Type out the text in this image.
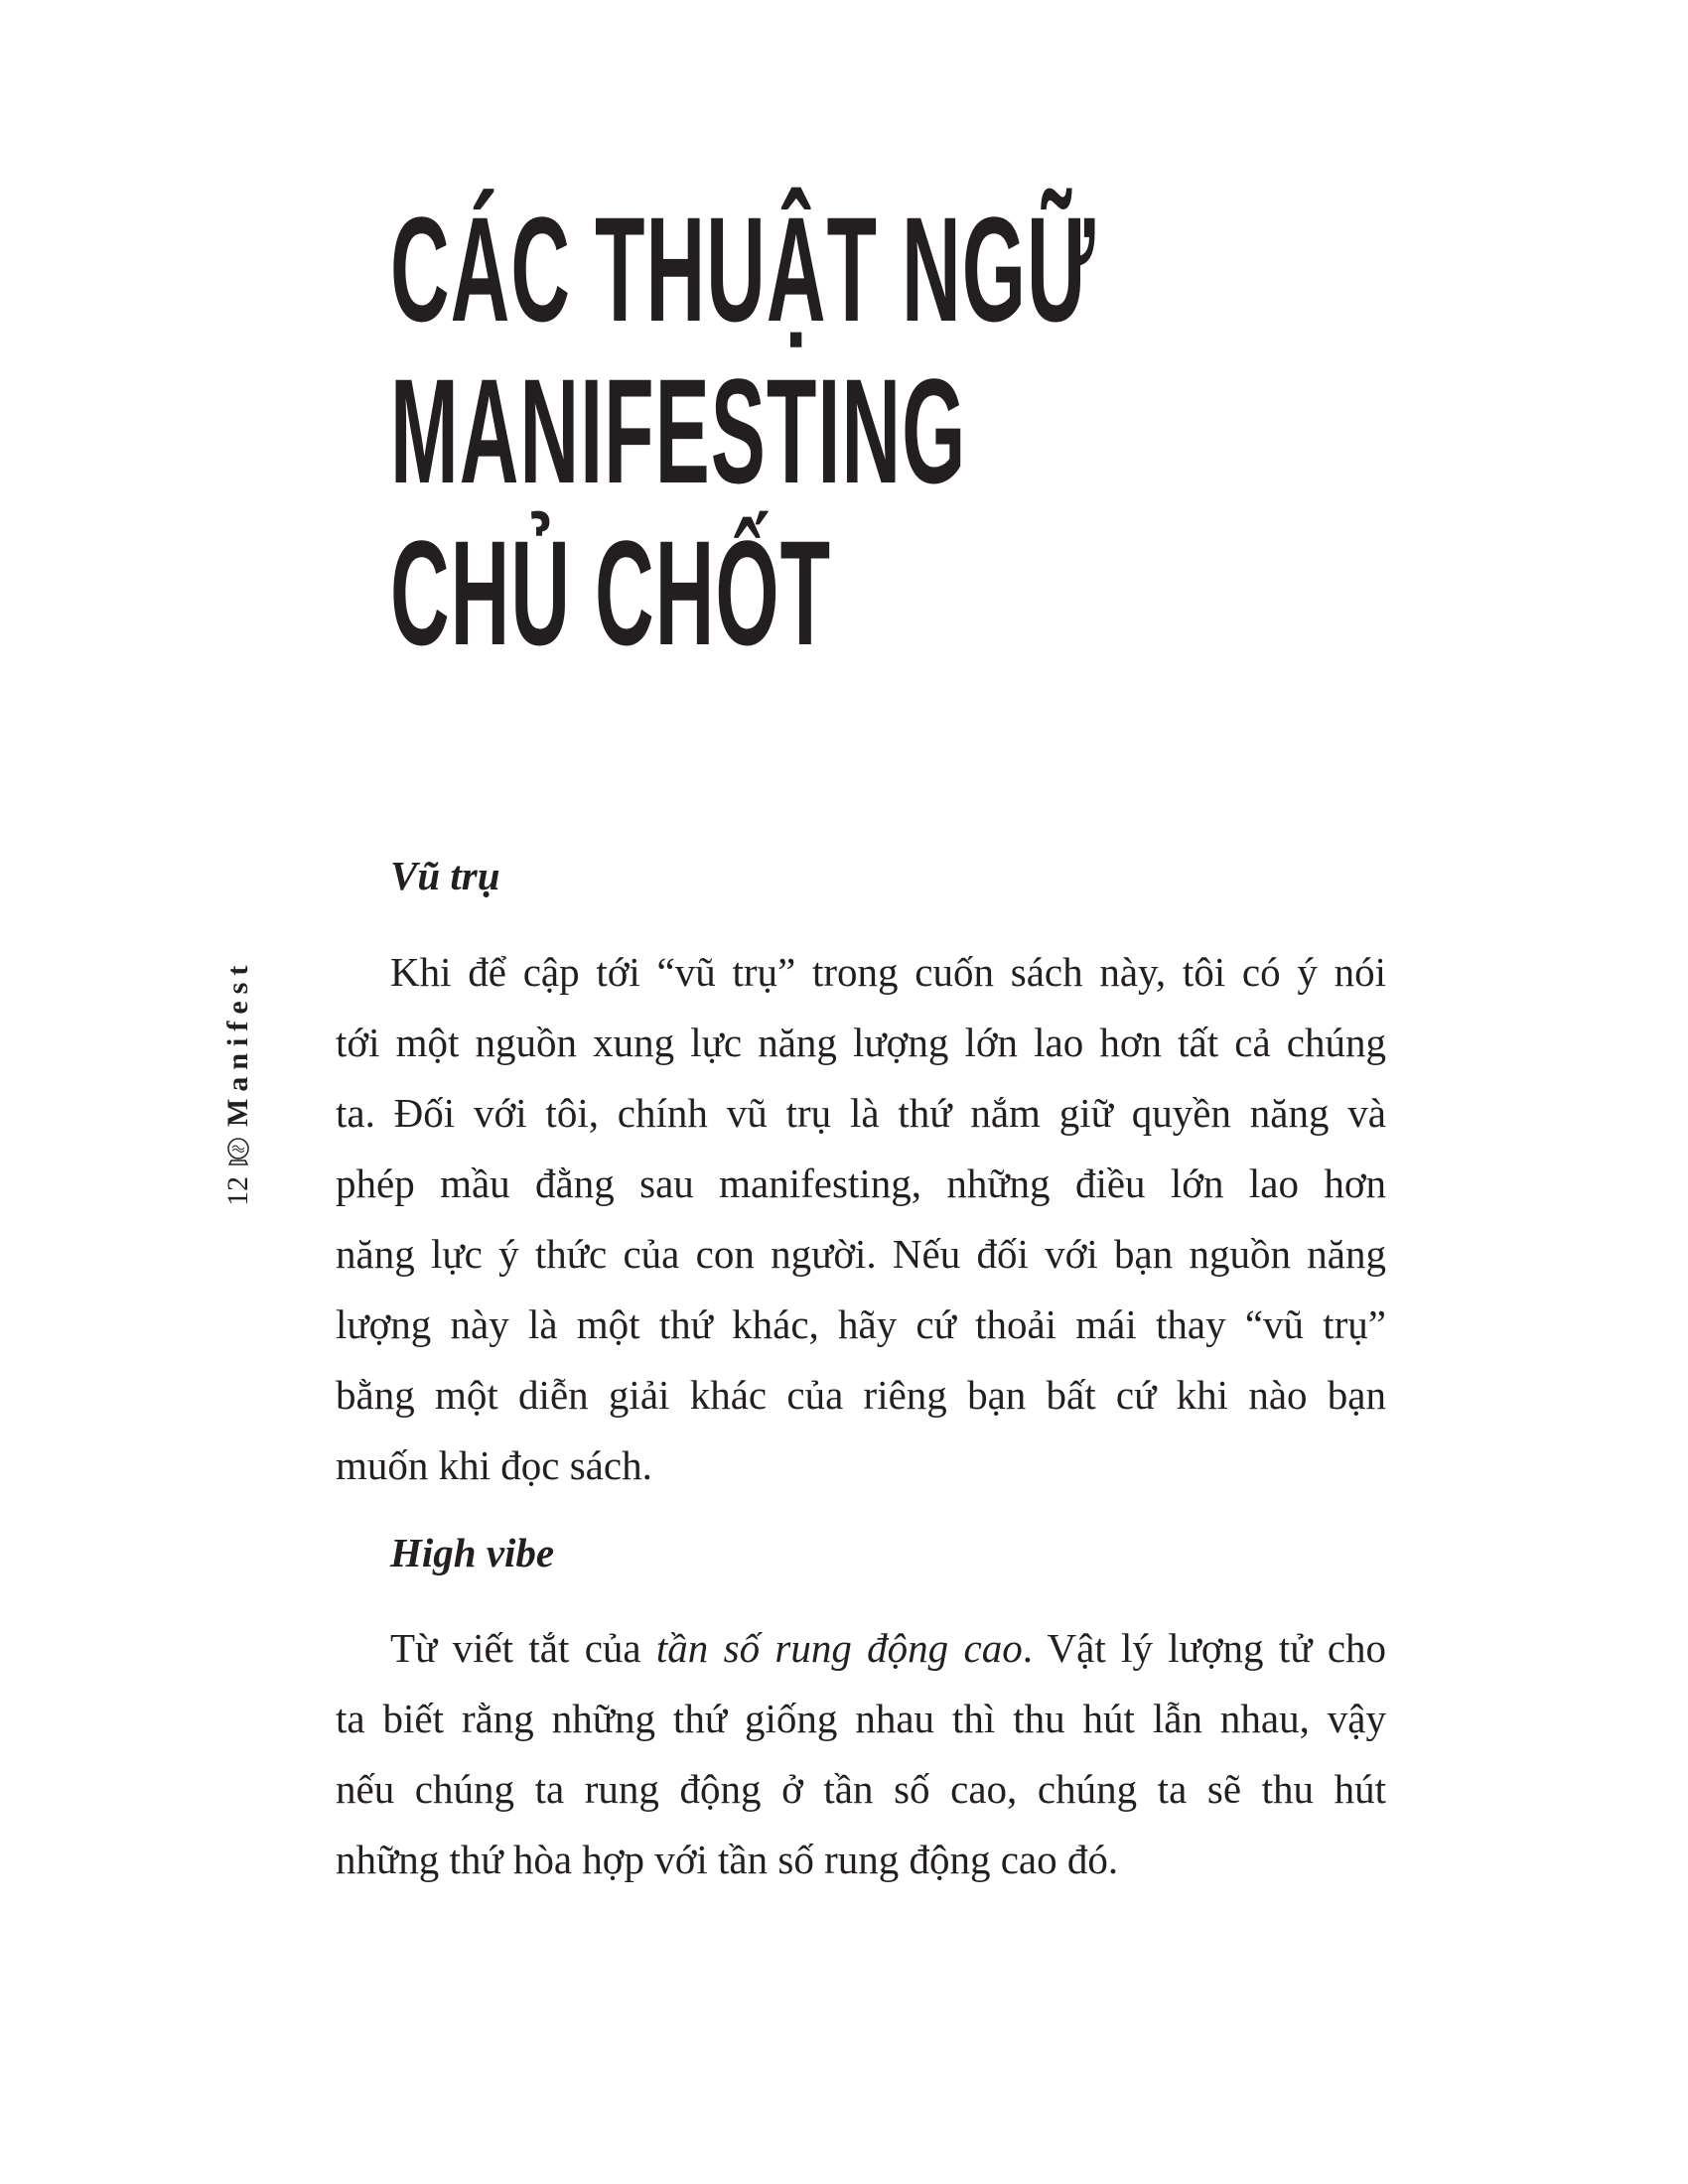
12
Manifest
CÁC THUẬT NGỮ
MANIFESTING
CHỦ CHỐT
Vũ trụ
Khi để cập tới “vũ trụ” trong cuốn sách này, tôi có ý nói
tới một nguồn xung lực năng lượng lớn lao hơn tất cả chúng
ta. Đối với tôi, chính vũ trụ là thứ nắm giữ quyền năng và
phép mầu đằng sau manifesting, những điều lớn lao hơn
năng lực ý thức của con người. Nếu đối với bạn nguồn năng
lượng này là một thứ khác, hãy cứ thoải mái thay “vũ trụ”
bằng một diễn giải khác của riêng bạn bất cứ khi nào bạn
muốn khi đọc sách.
High vibe
Từ viết tắt của tần số rung động cao. Vật lý lượng tử cho
ta biết rằng những thứ giống nhau thì thu hút lẫn nhau, vậy
nếu chúng ta rung động ở tần số cao, chúng ta sẽ thu hút
những thứ hòa hợp với tần số rung động cao đó.
